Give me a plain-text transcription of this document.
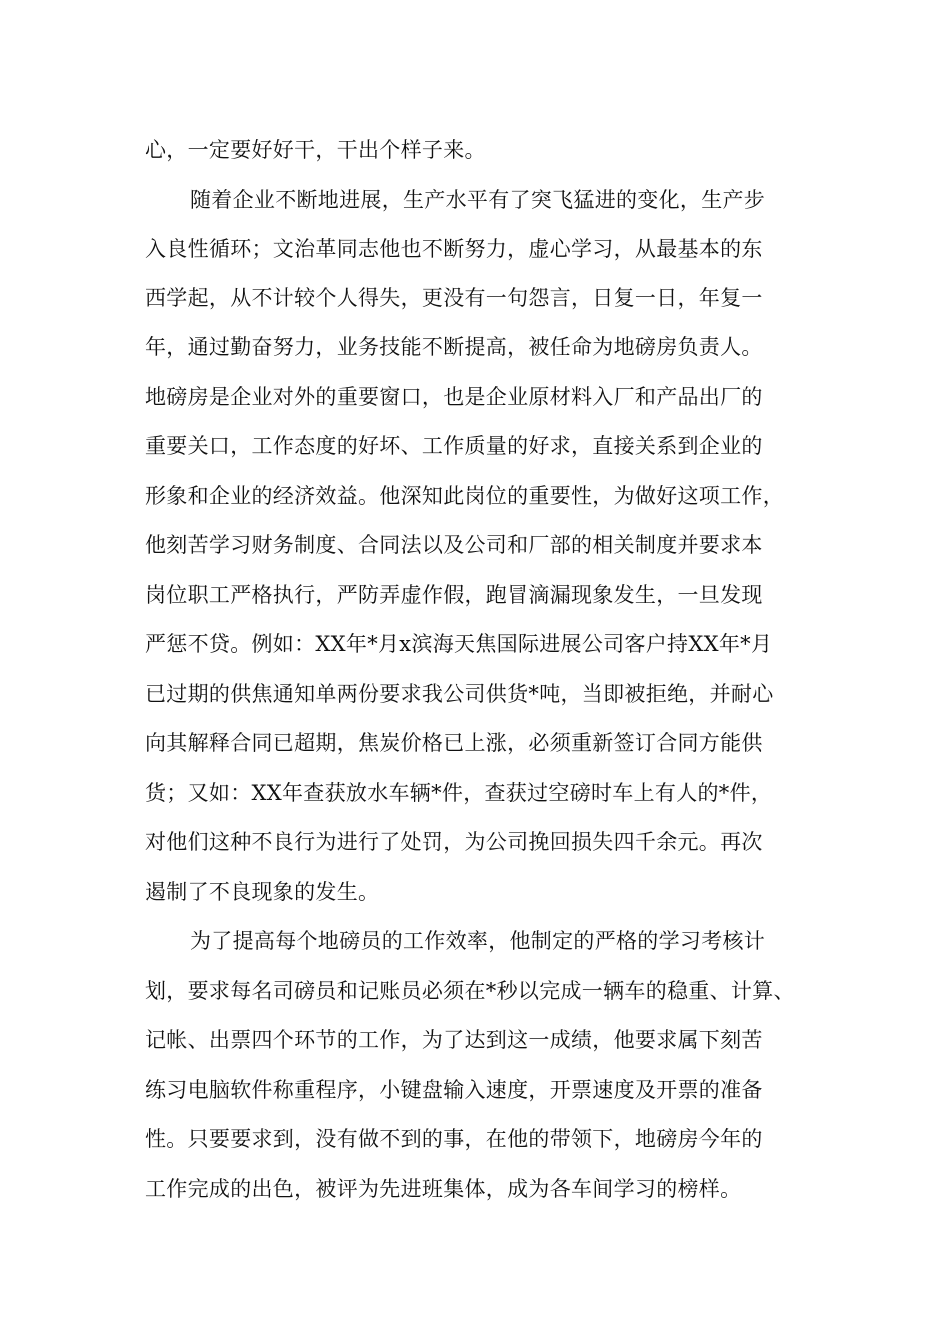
心，一定要好好干，干出个样子来。
随着企业不断地进展，生产水平有了突飞猛进的变化，生产步
入良性循环；文治革同志他也不断努力，虚心学习，从最基本的东
西学起，从不计较个人得失，更没有一句怨言，日复一日，年复一
年，通过勤奋努力，业务技能不断提高，被任命为地磅房负责人。
地磅房是企业对外的重要窗口，也是企业原材料入厂和产品出厂的
重要关口，工作态度的好坏、工作质量的好求，直接关系到企业的
形象和企业的经济效益。他深知此岗位的重要性，为做好这项工作，
他刻苦学习财务制度、合同法以及公司和厂部的相关制度并要求本
岗位职工严格执行，严防弄虚作假，跑冒滴漏现象发生，一旦发现
严惩不贷。例如：XX年*月x滨海天焦国际进展公司客户持XX年*月
已过期的供焦通知单两份要求我公司供货*吨，当即被拒绝，并耐心
向其解释合同已超期，焦炭价格已上涨，必须重新签订合同方能供
货；又如：XX年查获放水车辆*件，查获过空磅时车上有人的*件，
对他们这种不良行为进行了处罚，为公司挽回损失四千余元。再次
遏制了不良现象的发生。
为了提高每个地磅员的工作效率，他制定的严格的学习考核计
划，要求每名司磅员和记账员必须在*秒以完成一辆车的稳重、计算、
记帐、出票四个环节的工作，为了达到这一成绩，他要求属下刻苦
练习电脑软件称重程序，小键盘输入速度，开票速度及开票的准备
性。只要要求到，没有做不到的事，在他的带领下，地磅房今年的
工作完成的出色，被评为先进班集体，成为各车间学习的榜样。
